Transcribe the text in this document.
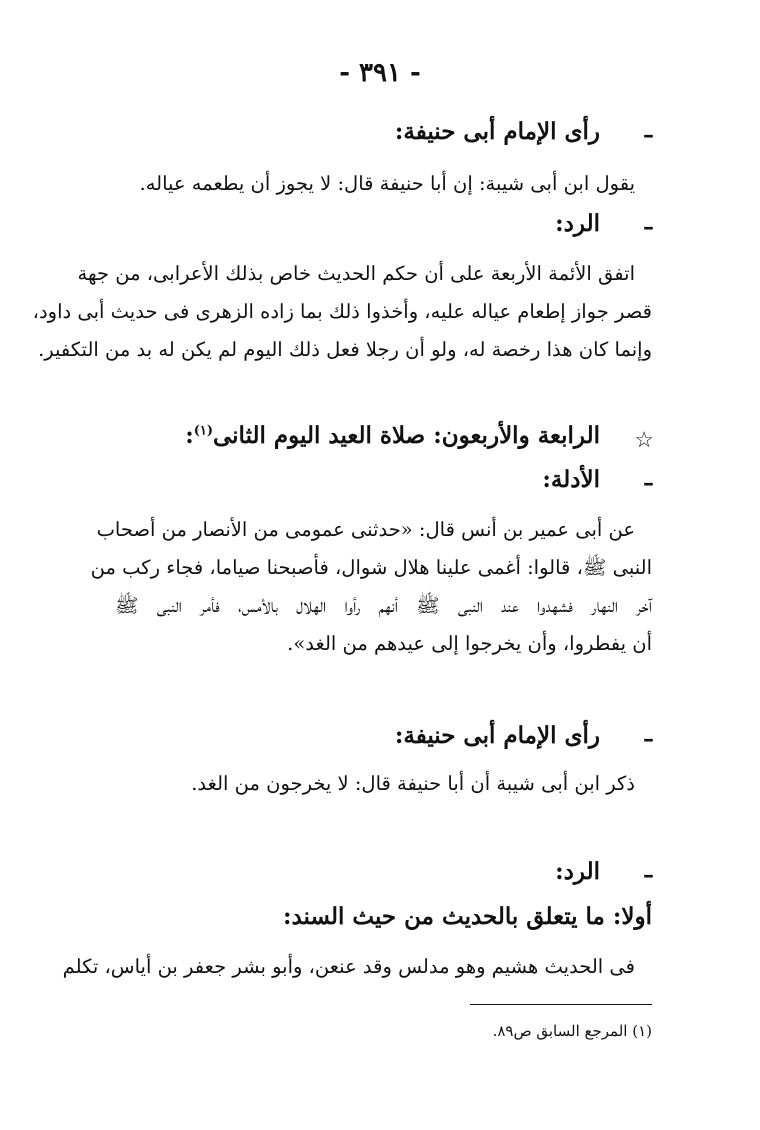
- ٣٩١ -
–
رأى الإمام أبى حنيفة:
يقول ابن أبى شيبة: إن أبا حنيفة قال: لا يجوز أن يطعمه عياله.
–
الرد:
اتفق الأئمة الأربعة على أن حكم الحديث خاص بذلك الأعرابى، من جهة
قصر جواز إطعام عياله عليه، وأخذوا ذلك بما زاده الزهرى فى حديث أبى داود،
وإنما كان هذا رخصة له، ولو أن رجلا فعل ذلك اليوم لم يكن له بد من التكفير.
☆
الرابعة والأربعون: صلاة العيد اليوم الثانى$^{(١)}$:
–
الأدلة:
عن أبى عمير بن أنس قال: «حدثنى عمومى من الأنصار من أصحاب
النبى ﷺ، قالوا: أغمى علينا هلال شوال، فأصبحنا صياما، فجاء ركب من
آخر النهار فشهدوا عند النبى ﷺ أنهم رأوا الهلال بالأمس، فأمر النبى ﷺ
أن يفطروا، وأن يخرجوا إلى عيدهم من الغد».
–
رأى الإمام أبى حنيفة:
ذكر ابن أبى شيبة أن أبا حنيفة قال: لا يخرجون من الغد.
–
الرد:
أولا: ما يتعلق بالحديث من حيث السند:
فى الحديث هشيم وهو مدلس وقد عنعن، وأبو بشر جعفر بن أياس، تكلم
(١) المرجع السابق ص٨٩.
